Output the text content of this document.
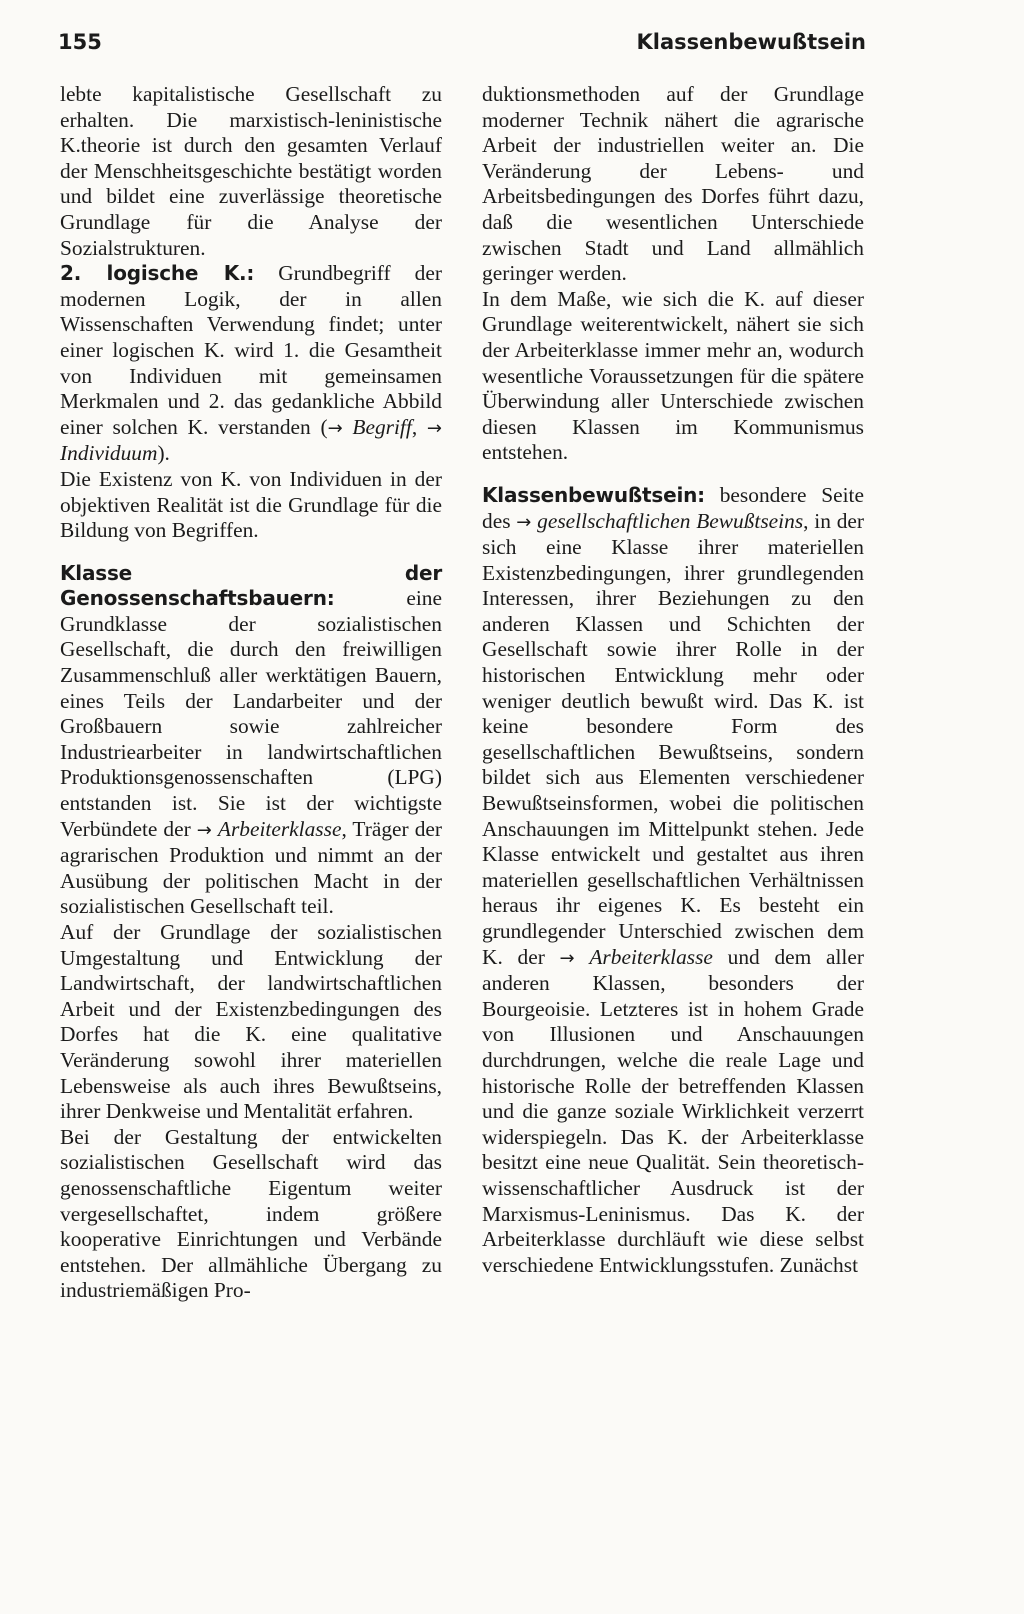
155	Klassenbewußtsein

lebte kapitalistische Gesellschaft zu erhalten. Die marxistisch-leninistische K.theorie ist durch den gesamten Verlauf der Menschheitsgeschichte bestätigt worden und bildet eine zuverlässige theoretische Grundlage für die Analyse der Sozialstrukturen.

2. logische K.: Grundbegriff der modernen Logik, der in allen Wissenschaften Verwendung findet; unter einer logischen K. wird 1. die Gesamtheit von Individuen mit gemeinsamen Merkmalen und 2. das gedankliche Abbild einer solchen K. verstanden (→ Begriff, → Individuum).

Die Existenz von K. von Individuen in der objektiven Realität ist die Grundlage für die Bildung von Begriffen.

Klasse der Genossenschaftsbauern: eine Grundklasse der sozialistischen Gesellschaft, die durch den freiwilligen Zusammenschluß aller werktätigen Bauern, eines Teils der Landarbeiter und der Großbauern sowie zahlreicher Industriearbeiter in landwirtschaftlichen Produktionsgenossenschaften (LPG) entstanden ist. Sie ist der wichtigste Verbündete der → Arbeiterklasse, Träger der agrarischen Produktion und nimmt an der Ausübung der politischen Macht in der sozialistischen Gesellschaft teil.

Auf der Grundlage der sozialistischen Umgestaltung und Entwicklung der Landwirtschaft, der landwirtschaftlichen Arbeit und der Existenzbedingungen des Dorfes hat die K. eine qualitative Veränderung sowohl ihrer materiellen Lebensweise als auch ihres Bewußtseins, ihrer Denkweise und Mentalität erfahren.

Bei der Gestaltung der entwickelten sozialistischen Gesellschaft wird das genossenschaftliche Eigentum weiter vergesellschaftet, indem größere kooperative Einrichtungen und Verbände entstehen. Der allmähliche Übergang zu industriemäßigen Pro-

duktionsmethoden auf der Grundlage moderner Technik nähert die agrarische Arbeit der industriellen weiter an. Die Veränderung der Lebens- und Arbeitsbedingungen des Dorfes führt dazu, daß die wesentlichen Unterschiede zwischen Stadt und Land allmählich geringer werden.

In dem Maße, wie sich die K. auf dieser Grundlage weiterentwickelt, nähert sie sich der Arbeiterklasse immer mehr an, wodurch wesentliche Voraussetzungen für die spätere Überwindung aller Unterschiede zwischen diesen Klassen im Kommunismus entstehen.

Klassenbewußtsein: besondere Seite des → gesellschaftlichen Bewußtseins, in der sich eine Klasse ihrer materiellen Existenzbedingungen, ihrer grundlegenden Interessen, ihrer Beziehungen zu den anderen Klassen und Schichten der Gesellschaft sowie ihrer Rolle in der historischen Entwicklung mehr oder weniger deutlich bewußt wird. Das K. ist keine besondere Form des gesellschaftlichen Bewußtseins, sondern bildet sich aus Elementen verschiedener Bewußtseinsformen, wobei die politischen Anschauungen im Mittelpunkt stehen. Jede Klasse entwickelt und gestaltet aus ihren materiellen gesellschaftlichen Verhältnissen heraus ihr eigenes K. Es besteht ein grundlegender Unterschied zwischen dem K. der → Arbeiterklasse und dem aller anderen Klassen, besonders der Bourgeoisie. Letzteres ist in hohem Grade von Illusionen und Anschauungen durchdrungen, welche die reale Lage und historische Rolle der betreffenden Klassen und die ganze soziale Wirklichkeit verzerrt widerspiegeln. Das K. der Arbeiterklasse besitzt eine neue Qualität. Sein theoretisch-wissenschaftlicher Ausdruck ist der Marxismus-Leninismus. Das K. der Arbeiterklasse durchläuft wie diese selbst verschiedene Entwicklungsstufen. Zunächst
